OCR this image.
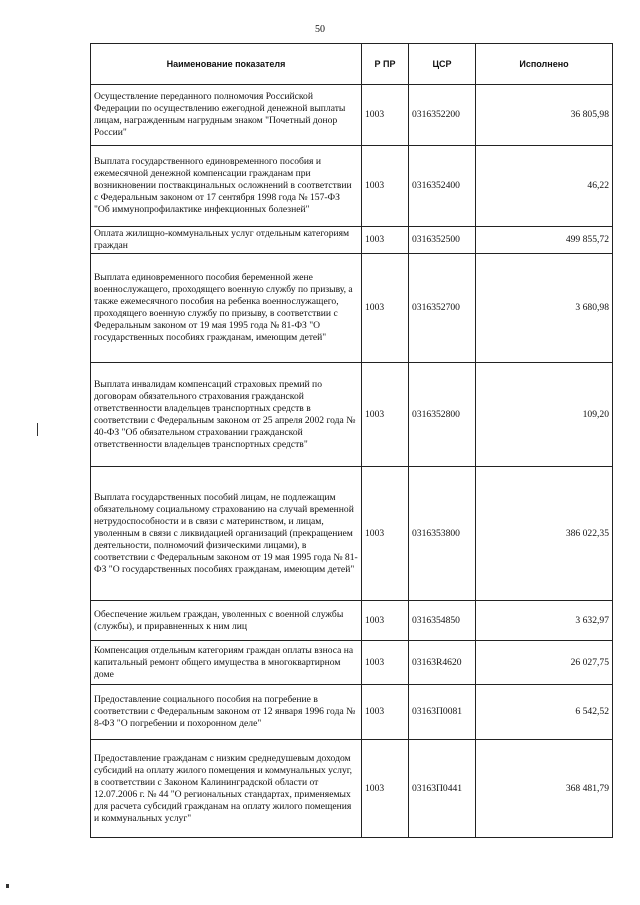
50
Наименование показателя	Р ПР	ЦСР	Исполнено
Осуществление переданного полномочия Российской Федерации по осуществлению ежегодной денежной выплаты лицам, награжденным нагрудным знаком "Почетный донор России"	1003	0316352200	36 805,98
Выплата государственного единовременного пособия и ежемесячной денежной компенсации гражданам при возникновении поствакцинальных осложнений в соответствии с Федеральным законом от 17 сентября 1998 года № 157-ФЗ "Об иммунопрофилактике инфекционных болезней"	1003	0316352400	46,22
Оплата жилищно-коммунальных услуг отдельным категориям граждан	1003	0316352500	499 855,72
Выплата единовременного пособия беременной жене военнослужащего, проходящего военную службу по призыву, а также ежемесячного пособия на ребенка военнослужащего, проходящего военную службу по призыву, в соответствии с Федеральным законом от 19 мая 1995 года № 81-ФЗ "О государственных пособиях гражданам, имеющим детей"	1003	0316352700	3 680,98
Выплата инвалидам компенсаций страховых премий по договорам обязательного страхования гражданской ответственности владельцев транспортных средств в соответствии с Федеральным законом от 25 апреля 2002 года № 40-ФЗ "Об обязательном страховании гражданской ответственности владельцев транспортных средств"	1003	0316352800	109,20
Выплата государственных пособий лицам, не подлежащим обязательному социальному страхованию на случай временной нетрудоспособности и в связи с материнством, и лицам, уволенным в связи с ликвидацией организаций (прекращением деятельности, полномочий физическими лицами), в соответствии с Федеральным законом от 19 мая 1995 года № 81-ФЗ "О государственных пособиях гражданам, имеющим детей"	1003	0316353800	386 022,35
Обеспечение жильем граждан, уволенных с военной службы (службы), и приравненных к ним лиц	1003	0316354850	3 632,97
Компенсация отдельным категориям граждан оплаты взноса на капитальный ремонт общего имущества в многоквартирном доме	1003	03163R4620	26 027,75
Предоставление социального пособия на погребение в соответствии с Федеральным законом от 12 января 1996 года № 8-ФЗ "О погребении и похоронном деле"	1003	03163П0081	6 542,52
Предоставление гражданам с низким среднедушевым доходом субсидий на оплату жилого помещения и коммунальных услуг, в соответствии с Законом Калининградской области от 12.07.2006 г. № 44 "О региональных стандартах, применяемых для расчета субсидий гражданам на оплату жилого помещения и коммунальных услуг"	1003	03163П0441	368 481,79
